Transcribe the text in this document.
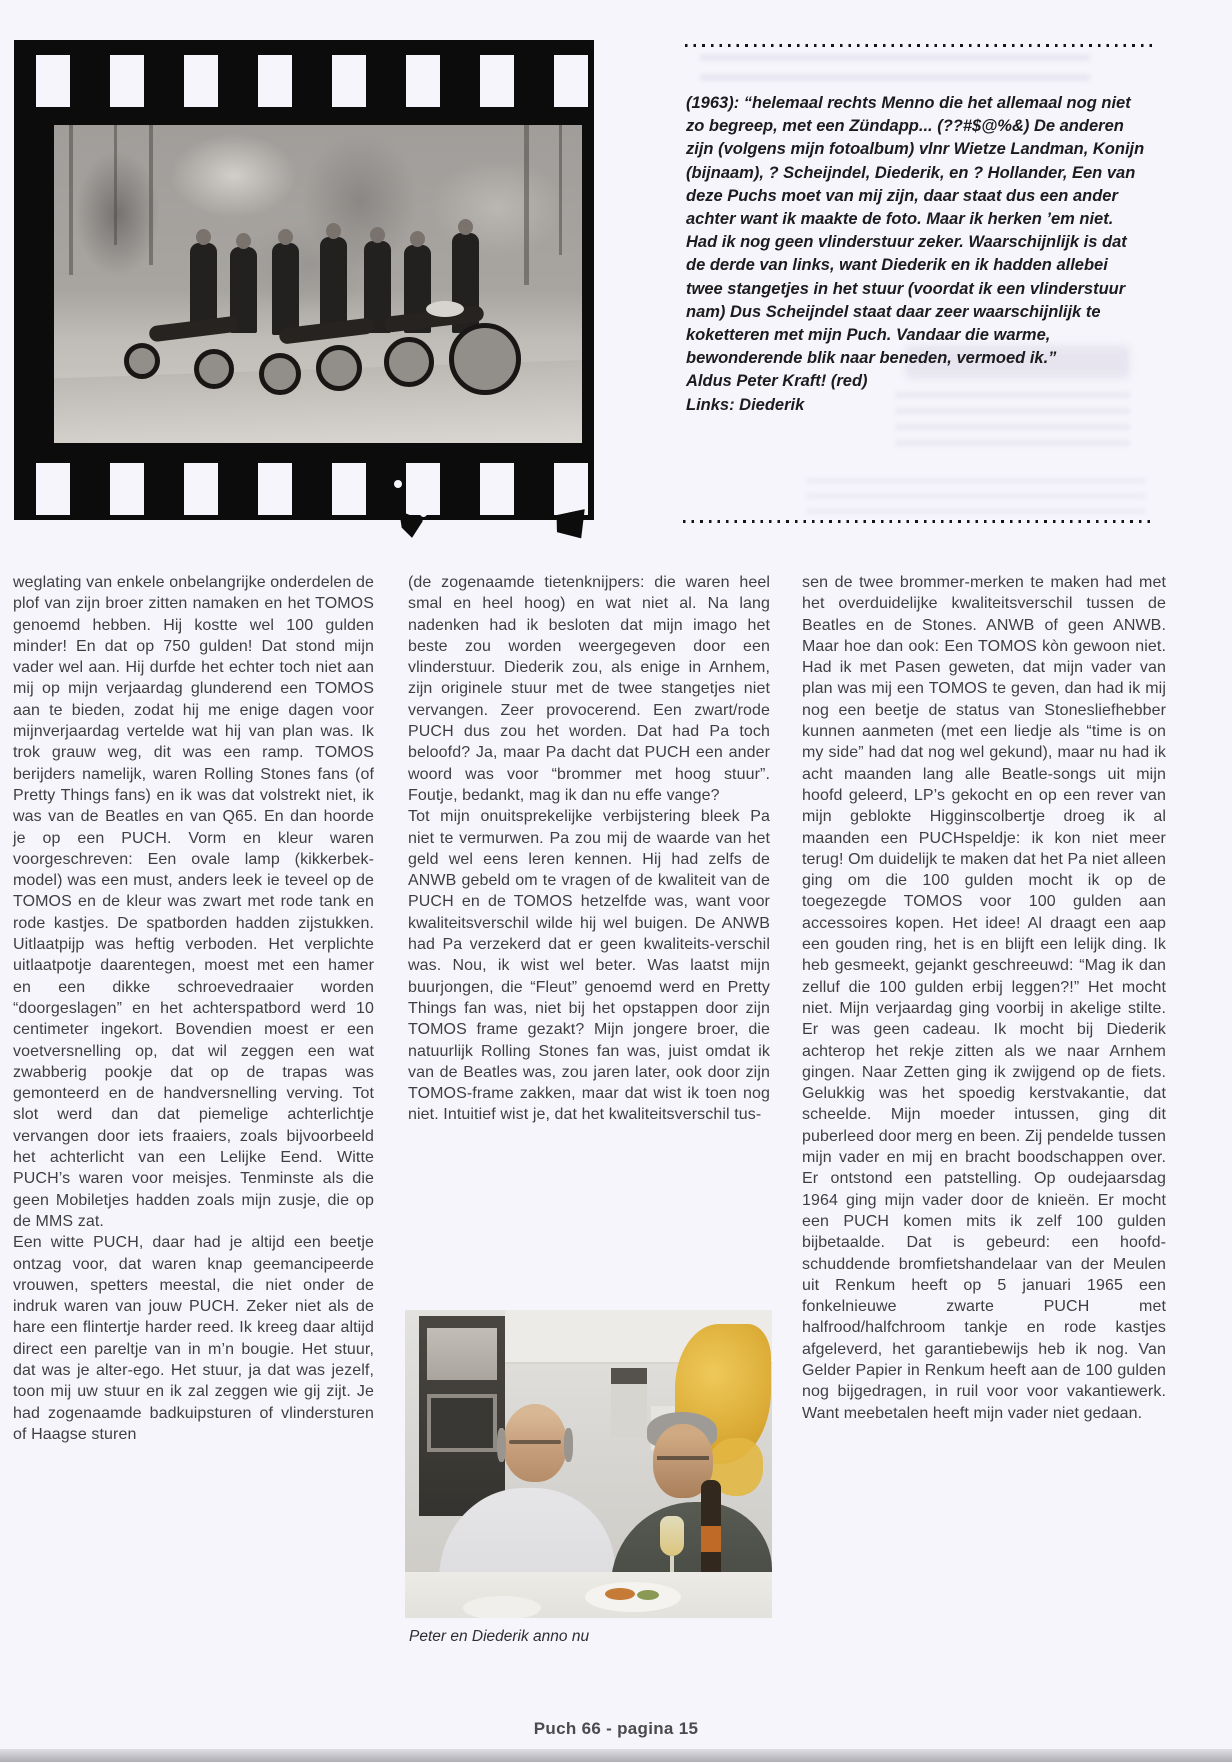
(1963): “helemaal rechts Menno die het allemaal nog niet zo begreep, met een Zündapp... (??#$@%&) De anderen zijn (volgens mijn fotoalbum) vlnr Wietze Landman, Konijn (bijnaam), ? Scheijndel, Diederik, en ? Hollander, Een van deze Puchs moet van mij zijn, daar staat dus een ander achter want ik maakte de foto. Maar ik herken ’em niet. Had ik nog geen vlinderstuur zeker. Waarschijnlijk is dat de derde van links, want Diederik en ik hadden allebei twee stangetjes in het stuur (voordat ik een vlinderstuur nam) Dus Scheijndel staat daar zeer waarschijnlijk te koketteren met mijn Puch. Vandaar die warme, bewonderende blik naar beneden, vermoed ik.”

Aldus Peter Kraft! (red)

Links: Diederik

weglating van enkele onbelangrijke onderdelen de plof van zijn broer zitten namaken en het TOMOS genoemd hebben. Hij kostte wel 100 gulden minder! En dat op 750 gulden! Dat stond mijn vader wel aan. Hij durfde het echter toch niet aan mij op mijn verjaardag glunderend een TOMOS aan te bieden, zodat hij me enige dagen voor mijnverjaardag vertelde wat hij van plan was. Ik trok grauw weg, dit was een ramp. TOMOS berijders namelijk, waren Rolling Stones fans (of Pretty Things fans) en ik was dat volstrekt niet, ik was van de Beatles en van Q65. En dan hoorde je op een PUCH. Vorm en kleur waren voorgeschreven: Een ovale lamp (kikkerbek-model) was een must, anders leek ie teveel op de TOMOS en de kleur was zwart met rode tank en rode kastjes. De spatborden hadden zijstukken. Uitlaatpijp was heftig verboden. Het verplichte uitlaatpotje daarentegen, moest met een hamer en een dikke schroevedraaier worden “doorgeslagen” en het achterspatbord werd 10 centimeter ingekort. Bovendien moest er een voetversnelling op, dat wil zeggen een wat zwabberig pookje dat op de trapas was gemonteerd en de handversnelling verving. Tot slot werd dan dat piemelige achterlichtje vervangen door iets fraaiers, zoals bijvoorbeeld het achterlicht van een Lelijke Eend. Witte PUCH’s waren voor meisjes. Tenminste als die geen Mobiletjes hadden zoals mijn zusje, die op de MMS zat.

Een witte PUCH, daar had je altijd een beetje ontzag voor, dat waren knap geemancipeerde vrouwen, spetters meestal, die niet onder de indruk waren van jouw PUCH. Zeker niet als de hare een flintertje harder reed. Ik kreeg daar altijd direct een pareltje van in m’n bougie. Het stuur, dat was je alter-ego. Het stuur, ja dat was jezelf, toon mij uw stuur en ik zal zeggen wie gij zijt. Je had zogenaamde badkuipsturen of vlindersturen of Haagse sturen

(de zogenaamde tietenknijpers: die waren heel smal en heel hoog) en wat niet al. Na lang nadenken had ik besloten dat mijn imago het beste zou worden weergegeven door een vlinderstuur. Diederik zou, als enige in Arnhem, zijn originele stuur met de twee stangetjes niet vervangen. Zeer provocerend. Een zwart/rode PUCH dus zou het worden. Dat had Pa toch beloofd? Ja, maar Pa dacht dat PUCH een ander woord was voor “brommer met hoog stuur”. Foutje, bedankt, mag ik dan nu effe vange?

Tot mijn onuitsprekelijke verbijstering bleek Pa niet te vermurwen. Pa zou mij de waarde van het geld wel eens leren kennen. Hij had zelfs de ANWB gebeld om te vragen of de kwaliteit van de PUCH en de TOMOS hetzelfde was, want voor kwaliteitsverschil wilde hij wel buigen. De ANWB had Pa verzekerd dat er geen kwaliteits-verschil was. Nou, ik wist wel beter. Was laatst mijn buurjongen, die “Fleut” genoemd werd en Pretty Things fan was, niet bij het opstappen door zijn TOMOS frame gezakt? Mijn jongere broer, die natuurlijk Rolling Stones fan was, juist omdat ik van de Beatles was, zou jaren later, ook door zijn TOMOS-frame zakken, maar dat wist ik toen nog niet. Intuitief wist je, dat het kwaliteitsverschil tus-

sen de twee brommer-merken te maken had met het overduidelijke kwaliteitsverschil tussen de Beatles en de Stones. ANWB of geen ANWB. Maar hoe dan ook: Een TOMOS kòn gewoon niet. Had ik met Pasen geweten, dat mijn vader van plan was mij een TOMOS te geven, dan had ik mij nog een beetje de status van Stonesliefhebber kunnen aanmeten (met een liedje als “time is on my side” had dat nog wel gekund), maar nu had ik acht maanden lang alle Beatle-songs uit mijn hoofd geleerd, LP’s gekocht en op een rever van mijn geblokte Higginscolbertje droeg ik al maanden een PUCHspeldje: ik kon niet meer terug! Om duidelijk te maken dat het Pa niet alleen ging om die 100 gulden mocht ik op de toegezegde TOMOS voor 100 gulden aan accessoires kopen. Het idee! Al draagt een aap een gouden ring, het is en blijft een lelijk ding. Ik heb gesmeekt, gejankt geschreeuwd: “Mag ik dan zelluf die 100 gulden erbij leggen?!” Het mocht niet. Mijn verjaardag ging voorbij in akelige stilte. Er was geen cadeau. Ik mocht bij Diederik achterop het rekje zitten als we naar Arnhem gingen. Naar Zetten ging ik zwijgend op de fiets. Gelukkig was het spoedig kerstvakantie, dat scheelde. Mijn moeder intussen, ging dit puberleed door merg en been. Zij pendelde tussen mijn vader en mij en bracht boodschappen over. Er ontstond een patstelling. Op oudejaarsdag 1964 ging mijn vader door de knieën. Er mocht een PUCH komen mits ik zelf 100 gulden bijbetaalde. Dat is gebeurd: een hoofd-schuddende bromfietshandelaar van der Meulen uit Renkum heeft op 5 januari 1965 een fonkelnieuwe zwarte PUCH met halfrood/halfchroom tankje en rode kastjes afgeleverd, het garantiebewijs heb ik nog. Van Gelder Papier in Renkum heeft aan de 100 gulden nog bijgedragen, in ruil voor voor vakantiewerk. Want meebetalen heeft mijn vader niet gedaan.

Peter en Diederik anno nu
Puch 66 - pagina 15
